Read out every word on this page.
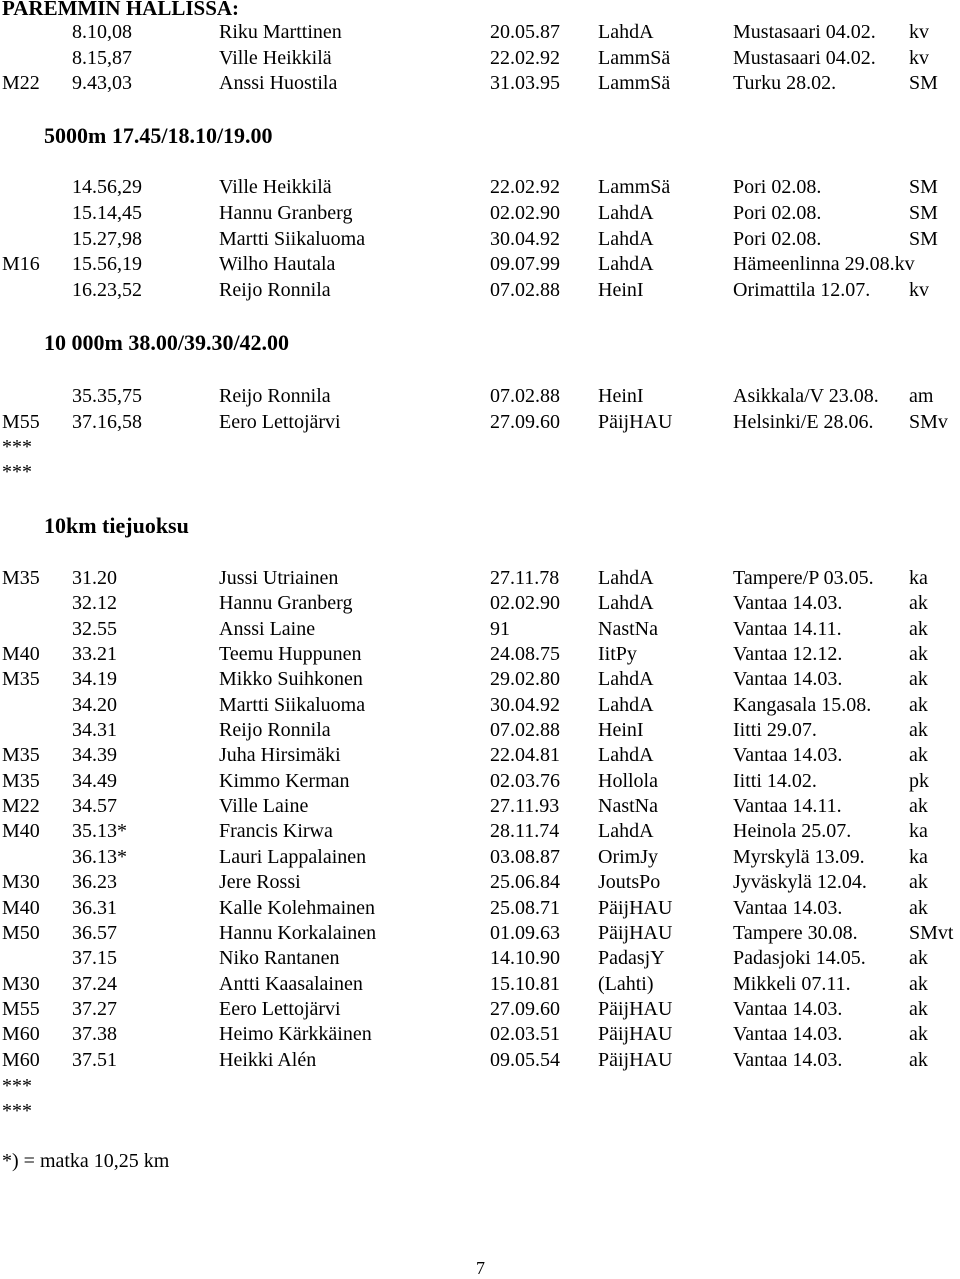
PAREMMIN HALLISSA:
8.10,08	Riku Marttinen	20.05.87 LahdA	Mustasaari 04.02. kv
8.15,87	Ville Heikkilä	22.02.92 LammSä	Mustasaari 04.02. kv
M22 9.43,03	Anssi Huostila	31.03.95 LammSä	Turku 28.02.	SM
5000m 17.45/18.10/19.00
14.56,29	Ville Heikkilä	22.02.92 LammSä	Pori 02.08.	SM
15.14,45	Hannu Granberg	02.02.90 LahdA	Pori 02.08.	SM
15.27,98	Martti Siikaluoma	30.04.92 LahdA	Pori 02.08.	SM
M16 15.56,19	Wilho Hautala	09.07.99 LahdA	Hämeenlinna 29.08.kv
16.23,52	Reijo Ronnila	07.02.88 HeinI	Orimattila 12.07. kv
10 000m 38.00/39.30/42.00
35.35,75	Reijo Ronnila	07.02.88 HeinI	Asikkala/V 23.08. am
M55 37.16,58	Eero Lettojärvi	27.09.60 PäijHAU	Helsinki/E 28.06. SMv
***
***
10km tiejuoksu
M35 31.20	Jussi Utriainen	27.11.78 LahdA	Tampere/P 03.05. ka
32.12	Hannu Granberg	02.02.90 LahdA	Vantaa 14.03.	ak
32.55	Anssi Laine	91	NastNa	Vantaa 14.11.	ak
M40 33.21	Teemu Huppunen	24.08.75 IitPy	Vantaa 12.12.	ak
M35 34.19	Mikko Suihkonen	29.02.80 LahdA	Vantaa 14.03.	ak
34.20	Martti Siikaluoma	30.04.92 LahdA	Kangasala 15.08. ak
34.31	Reijo Ronnila	07.02.88 HeinI	Iitti 29.07.	ak
M35 34.39	Juha Hirsimäki	22.04.81 LahdA	Vantaa 14.03.	ak
M35 34.49	Kimmo Kerman	02.03.76 Hollola	Iitti 14.02.	pk
M22 34.57	Ville Laine	27.11.93 NastNa	Vantaa 14.11.	ak
M40 35.13*	Francis Kirwa	28.11.74 LahdA	Heinola 25.07.	ka
36.13*	Lauri Lappalainen	03.08.87 OrimJy	Myrskylä 13.09. ka
M30 36.23	Jere Rossi	25.06.84 JoutsPo	Jyväskylä 12.04. ak
M40 36.31	Kalle Kolehmainen	25.08.71 PäijHAU	Vantaa 14.03.	ak
M50 36.57	Hannu Korkalainen	01.09.63 PäijHAU	Tampere 30.08.	SMvt
37.15	Niko Rantanen	14.10.90 PadasjY	Padasjoki 14.05. ak
M30 37.24	Antti Kaasalainen	15.10.81 (Lahti)	Mikkeli 07.11.	ak
M55 37.27	Eero Lettojärvi	27.09.60 PäijHAU	Vantaa 14.03.	ak
M60 37.38	Heimo Kärkkäinen	02.03.51 PäijHAU	Vantaa 14.03.	ak
M60 37.51	Heikki Alén	09.05.54 PäijHAU	Vantaa 14.03.	ak
***
***
*) = matka 10,25 km
7
